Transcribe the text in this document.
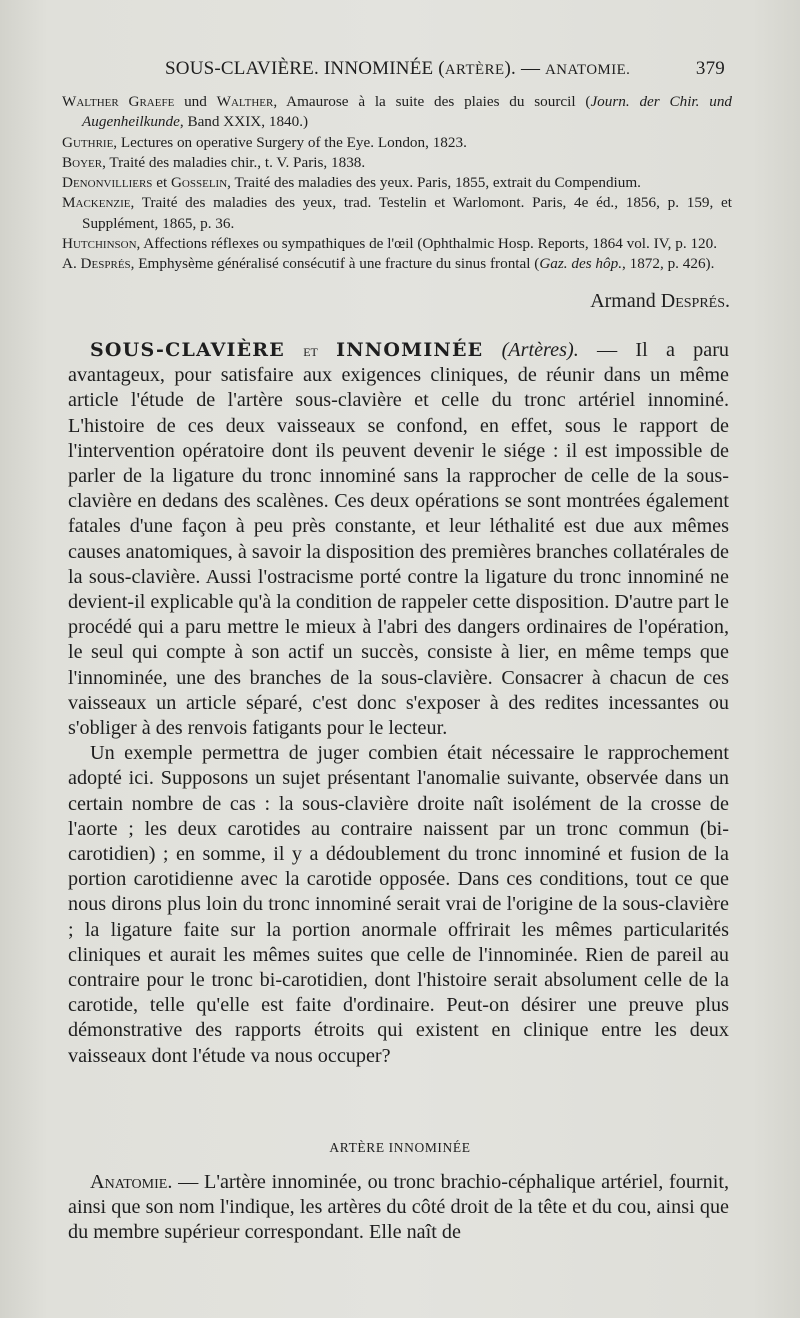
SOUS-CLAVIÈRE. INNOMINÉE (ARTÈRE). — ANATOMIE.	379
Walther Graefe und Walther, Amaurose à la suite des plaies du sourcil (Journ. der Chir. und Augenheilkunde, Band XXIX, 1840.)
Guthrie, Lectures on operative Surgery of the Eye. London, 1823.
Boyer, Traité des maladies chir., t. V. Paris, 1838.
Denonvilliers et Gosselin, Traité des maladies des yeux. Paris, 1855, extrait du Compendium.
Mackenzie, Traité des maladies des yeux, trad. Testelin et Warlomont. Paris, 4e éd., 1856, p. 159, et Supplément, 1865, p. 36.
Hutchinson, Affections réflexes ou sympathiques de l'œil (Ophthalmic Hosp. Reports, 1864 vol. IV, p. 120.
A. Després, Emphysème généralisé consécutif à une fracture du sinus frontal (Gaz. des hôp., 1872, p. 426).
Armand Després.

SOUS-CLAVIÈRE et INNOMINÉE (Artères). — Il a paru avantageux, pour satisfaire aux exigences cliniques, de réunir dans un même article l'étude de l'artère sous-clavière et celle du tronc artériel innominé. L'histoire de ces deux vaisseaux se confond, en effet, sous le rapport de l'intervention opératoire dont ils peuvent devenir le siége : il est impossible de parler de la ligature du tronc innominé sans la rapprocher de celle de la sous-clavière en dedans des scalènes. Ces deux opérations se sont montrées également fatales d'une façon à peu près constante, et leur léthalité est due aux mêmes causes anatomiques, à savoir la disposition des premières branches collatérales de la sous-clavière. Aussi l'ostracisme porté contre la ligature du tronc innominé ne devient-il explicable qu'à la condition de rappeler cette disposition. D'autre part le procédé qui a paru mettre le mieux à l'abri des dangers ordinaires de l'opération, le seul qui compte à son actif un succès, consiste à lier, en même temps que l'innominée, une des branches de la sous-clavière. Consacrer à chacun de ces vaisseaux un article séparé, c'est donc s'exposer à des redites incessantes ou s'obliger à des renvois fatigants pour le lecteur.

Un exemple permettra de juger combien était nécessaire le rapprochement adopté ici. Supposons un sujet présentant l'anomalie suivante, observée dans un certain nombre de cas : la sous-clavière droite naît isolément de la crosse de l'aorte ; les deux carotides au contraire naissent par un tronc commun (bi-carotidien) ; en somme, il y a dédoublement du tronc innominé et fusion de la portion carotidienne avec la carotide opposée. Dans ces conditions, tout ce que nous dirons plus loin du tronc innominé serait vrai de l'origine de la sous-clavière ; la ligature faite sur la portion anormale offrirait les mêmes particularités cliniques et aurait les mêmes suites que celle de l'innominée. Rien de pareil au contraire pour le tronc bi-carotidien, dont l'histoire serait absolument celle de la carotide, telle qu'elle est faite d'ordinaire. Peut-on désirer une preuve plus démonstrative des rapports étroits qui existent en clinique entre les deux vaisseaux dont l'étude va nous occuper?

ARTÈRE INNOMINÉE

Anatomie. — L'artère innominée, ou tronc brachio-céphalique artériel, fournit, ainsi que son nom l'indique, les artères du côté droit de la tête et du cou, ainsi que du membre supérieur correspondant. Elle naît de
